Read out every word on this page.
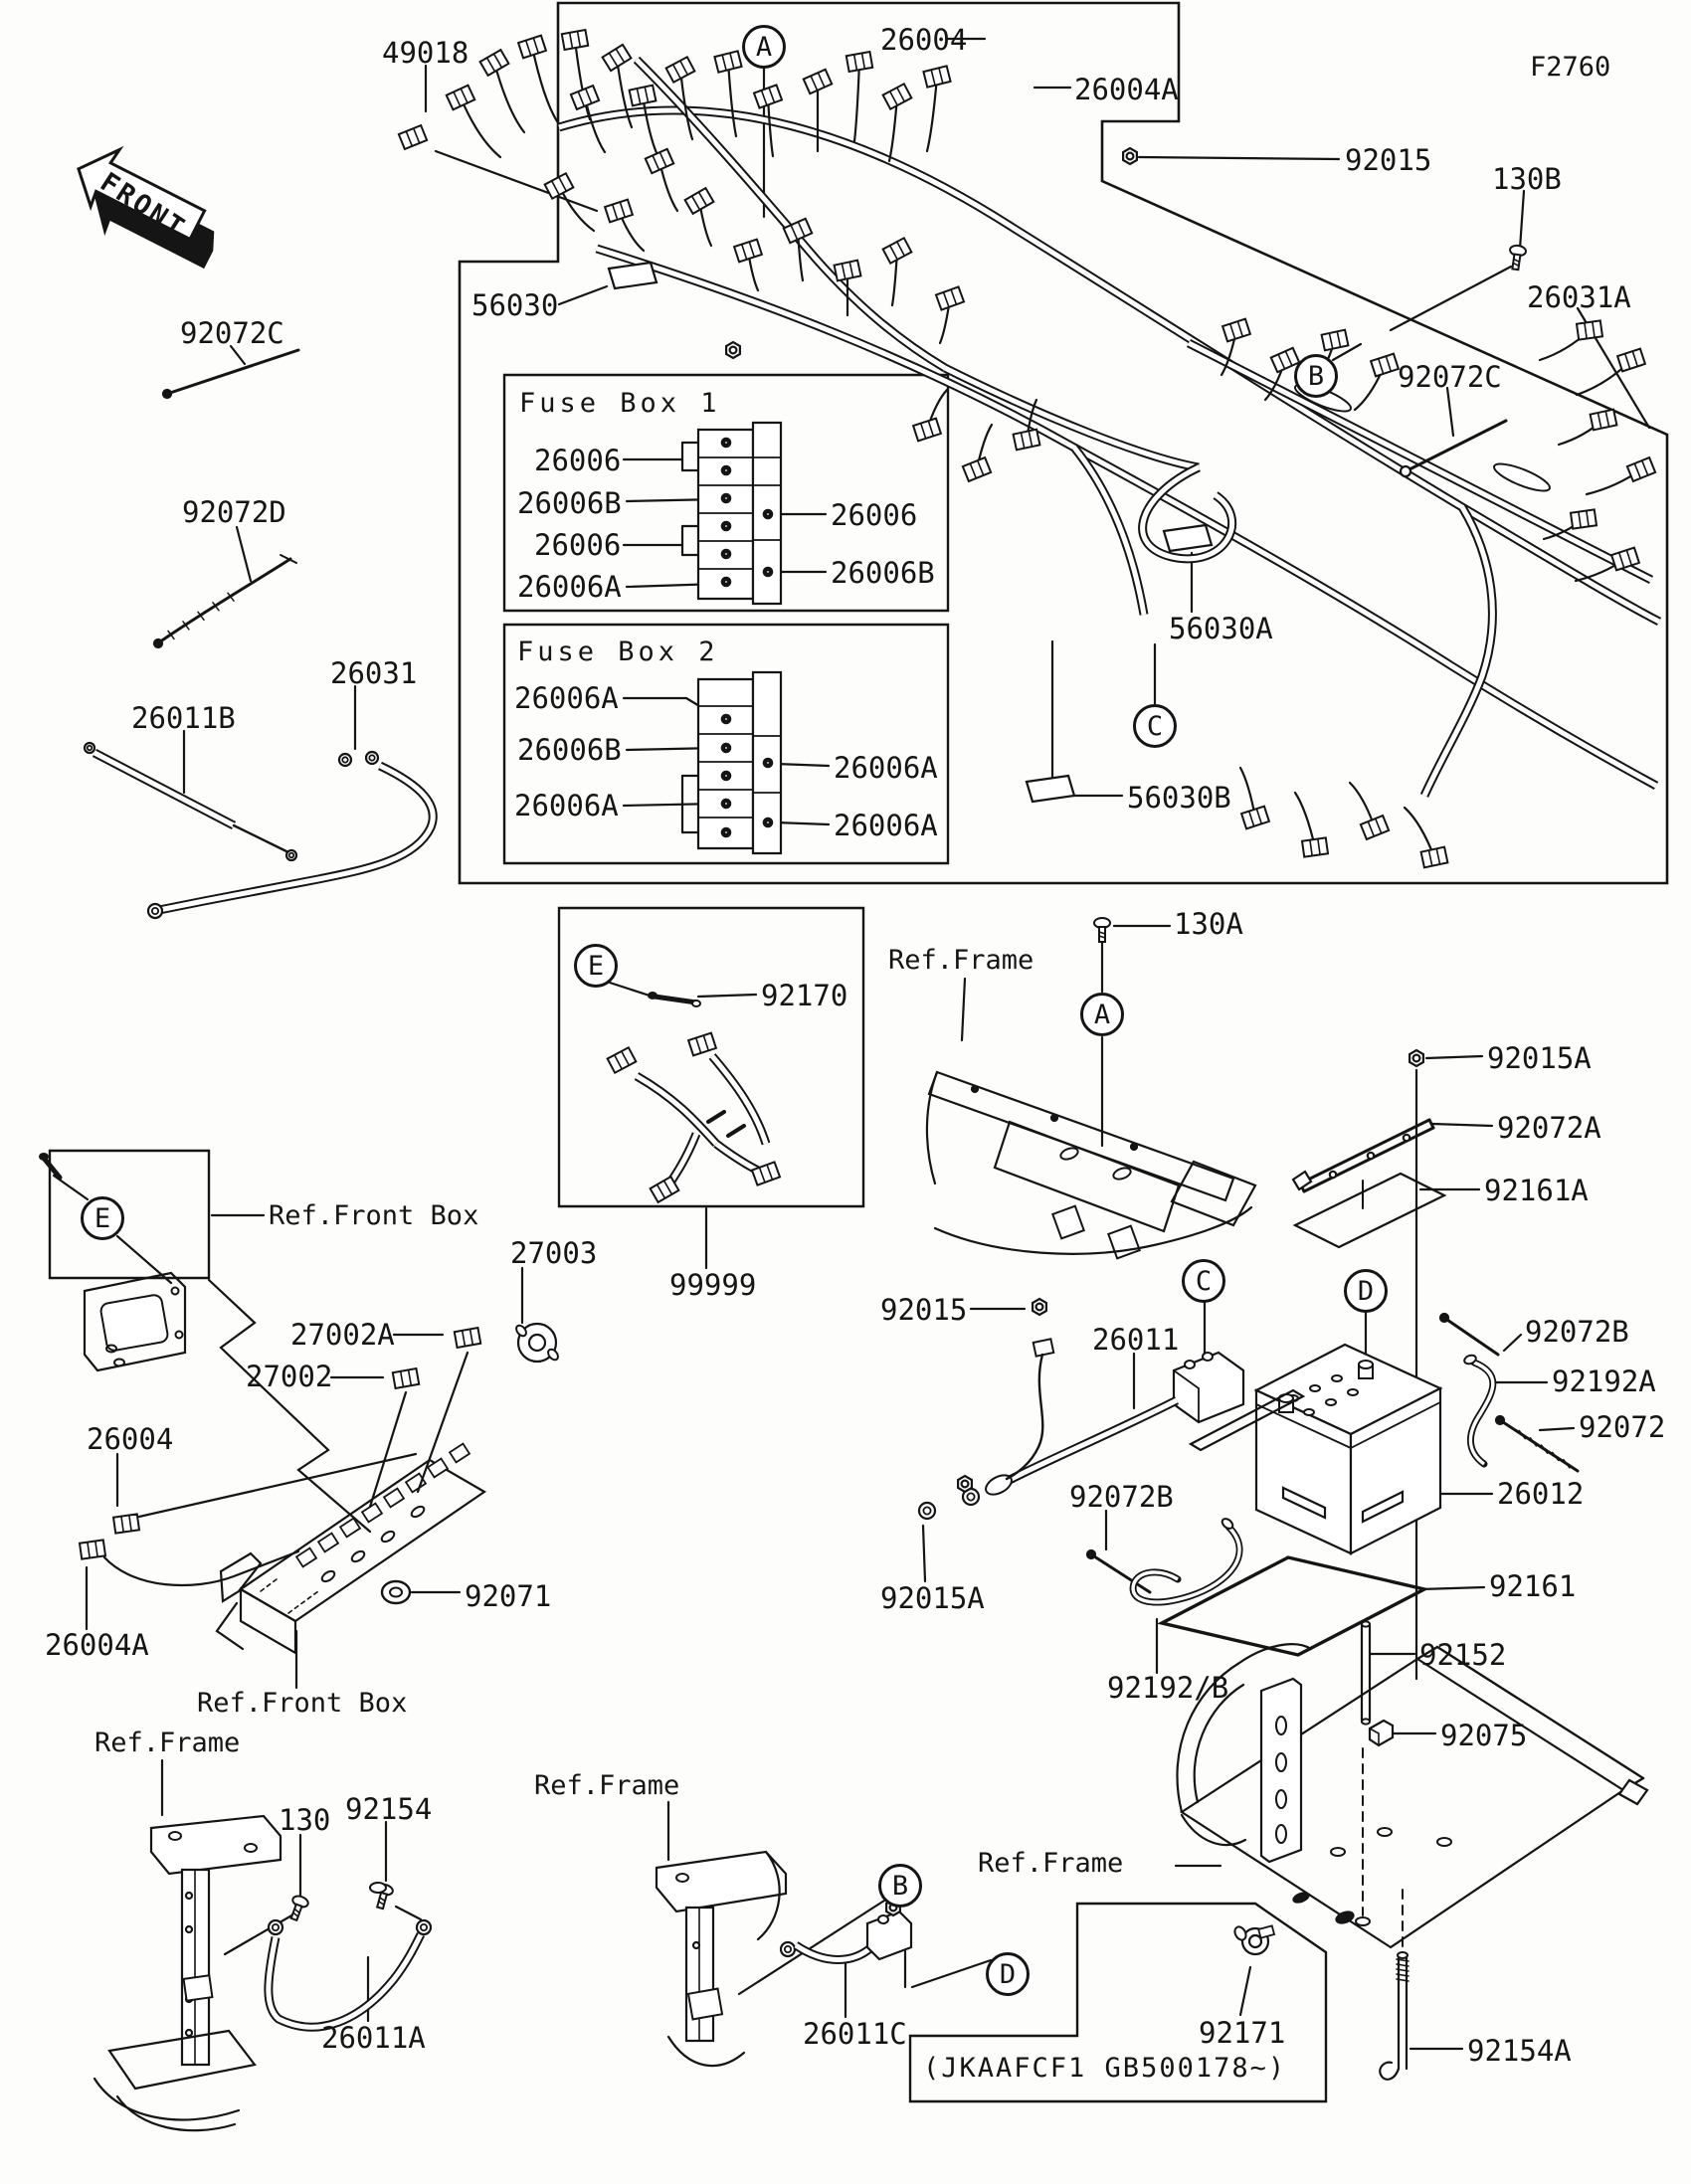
FRONT
49018
92072C
92072D
26031
26011B
56030
26004
26004A
92015
130B
26031A
92072C
56030A
56030B
Fuse Box 1
26006
26006B
26006
26006A
26006
26006B
Fuse Box 2
26006A
26006B
26006A
26006A
26006A
92170
99999
Ref.Frame
130A
92015A
92072A
92161A
Ref.Front Box
27003
27002A
27002
26004
26004A
92071
Ref.Front Box
Ref.Frame
92015
26011
92072B
92015A
92072B
92192A
92072
26012
92161
92152
92075
92192/B
130 92154
26011A
Ref.Frame
Ref.Frame
26011C	92171
(JKAAFCF1 GB500178~)
92154A
F2760
A
B
C
E
A
C	D
E
B
D
